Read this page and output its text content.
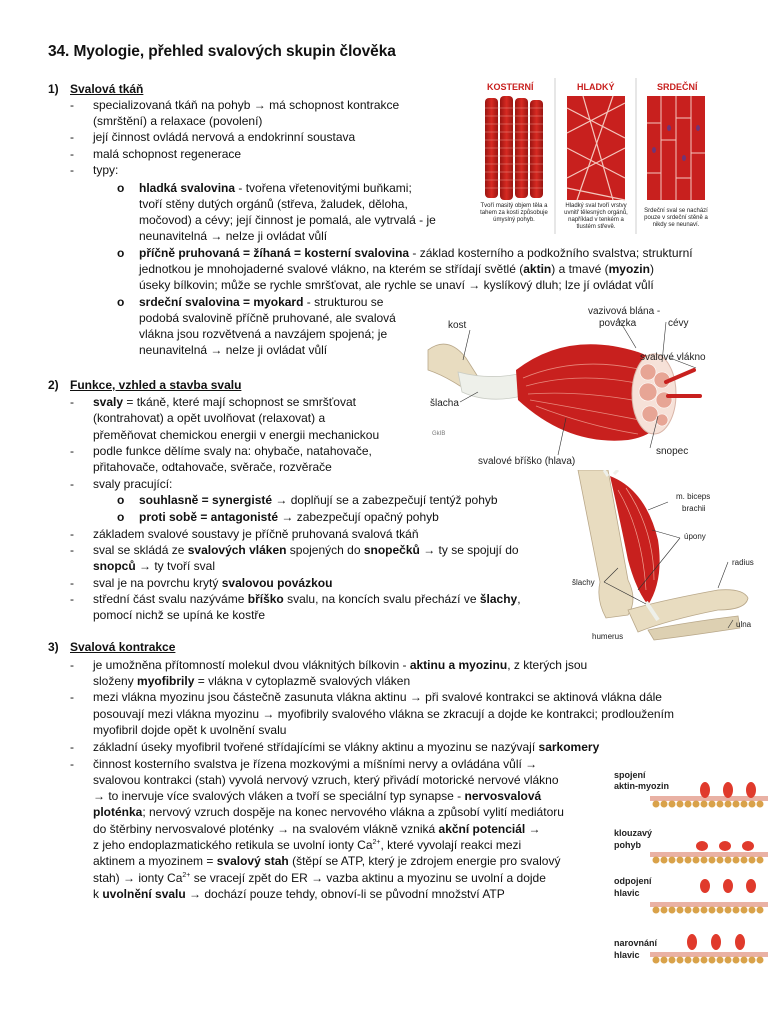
34. Myologie, přehled svalových skupin člověka
1) Svalová tkáň
- specializovaná tkáň na pohyb → má schopnost kontrakce
(smrštění) a relaxace (povolení)
- její činnost ovládá nervová a endokrinní soustava
- malá schopnost regenerace
- typy:
o hladká svalovina - tvořena vřetenovitými buňkami;
tvoří stěny dutých orgánů (střeva, žaludek, děloha,
močovod) a cévy; její činnost je pomalá, ale vytrvalá - je
neunavitelná → nelze ji ovládat vůlí
o příčně pruhovaná = žíhaná = kosterní svalovina - základ kosterního a podkožního svalstva; strukturní
jednotkou je mnohojaderné svalové vlákno, na kterém se střídají světlé (aktin) a tmavé (myozin)
úseky bílkovin; může se rychle smršťovat, ale rychle se unaví → kyslíkový dluh; lze jí ovládat vůlí
o srdeční svalovina = myokard - strukturou se
podobá svalovině příčně pruhované, ale svalová
vlákna jsou rozvětvená a navzájem spojená; je
neunavitelná → nelze ji ovládat vůlí
2) Funkce, vzhled a stavba svalu
- svaly = tkáně, které mají schopnost se smršťovat
(kontrahovat) a opět uvolňovat (relaxovat) a
přeměňovat chemickou energii v energii mechanickou
- podle funkce dělíme svaly na: ohybače, natahovače,
přitahovače, odtahovače, svěrače, rozvěrače
- svaly pracující:
o souhlasně = synergisté → doplňují se a zabezpečují tentýž pohyb
o proti sobě = antagonisté → zabezpečují opačný pohyb
- základem svalové soustavy je příčně pruhovaná svalová tkáň
- sval se skládá ze svalových vláken spojených do snopečků → ty se spojují do
snopců → ty tvoří sval
- sval je na povrchu krytý svalovou povázkou
- střední část svalu nazýváme bříško svalu, na koncích svalu přechází ve šlachy,
pomocí nichž se upíná ke kostře
3) Svalová kontrakce
- je umožněna přítomností molekul dvou vláknitých bílkovin - aktinu a myozinu, z kterých jsou
složeny myofibrily = vlákna v cytoplazmě svalových vláken
- mezi vlákna myozinu jsou částečně zasunuta vlákna aktinu → při svalové kontrakci se aktinová vlákna dále
posouvají mezi vlákna myozinu → myofibrily svalového vlákna se zkracují a dojde ke kontrakci; prodloužením
myofibril dojde opět k uvolnění svalu
- základní úseky myofibril tvořené střídajícími se vlákny aktinu a myozinu se nazývají sarkomery
- činnost kosterního svalstva je řízena mozkovými a míšními nervy a ovládána vůlí →
svalovou kontrakci (stah) vyvolá nervový vzruch, který přivádí motorické nervové vlákno
→ to inervuje více svalových vláken a tvoří se speciální typ synapse - nervosvalová
ploténka; nervový vzruch dospěje na konec nervového vlákna a způsobí vylití mediátoru
do štěrbiny nervosvalové ploténky → na svalovém vlákně vzniká akční potenciál →
z jeho endoplazmatického retikula se uvolní ionty $Ca^{2+}$, které vyvolají reakci mezi
aktinem a myozinem = svalový stah (štěpí se ATP, který je zdrojem energie pro svalový
stah) → ionty $Ca^{2+}$ se vracejí zpět do ER → vazba aktinu a myozinu se uvolní a dojde
k uvolnění svalu → dochází pouze tehdy, obnoví-li se původní množství ATP
KOSTERNÍ	HLADKÝ	SRDEČNÍ
Tvoří masitý objem těla a tahem za kosti způsobuje úmyslný pohyb.
Hladký sval tvoří vrstvy uvnitř tělesných orgánů, například v tenkém a tlustém střevě.
Srdeční sval se nachází pouze v srdeční stěně a nikdy se neunaví.
kost
vazivová blána -
povázka	cévy
svalové vlákno
šlacha
GkIB
snopec
svalové bříško (hlava)
m. biceps
brachii
úpony
radius
šlachy
humerus
ulna
spojení
aktin-myozin
klouzavý
pohyb
odpojení
hlavic
narovnání
hlavic
